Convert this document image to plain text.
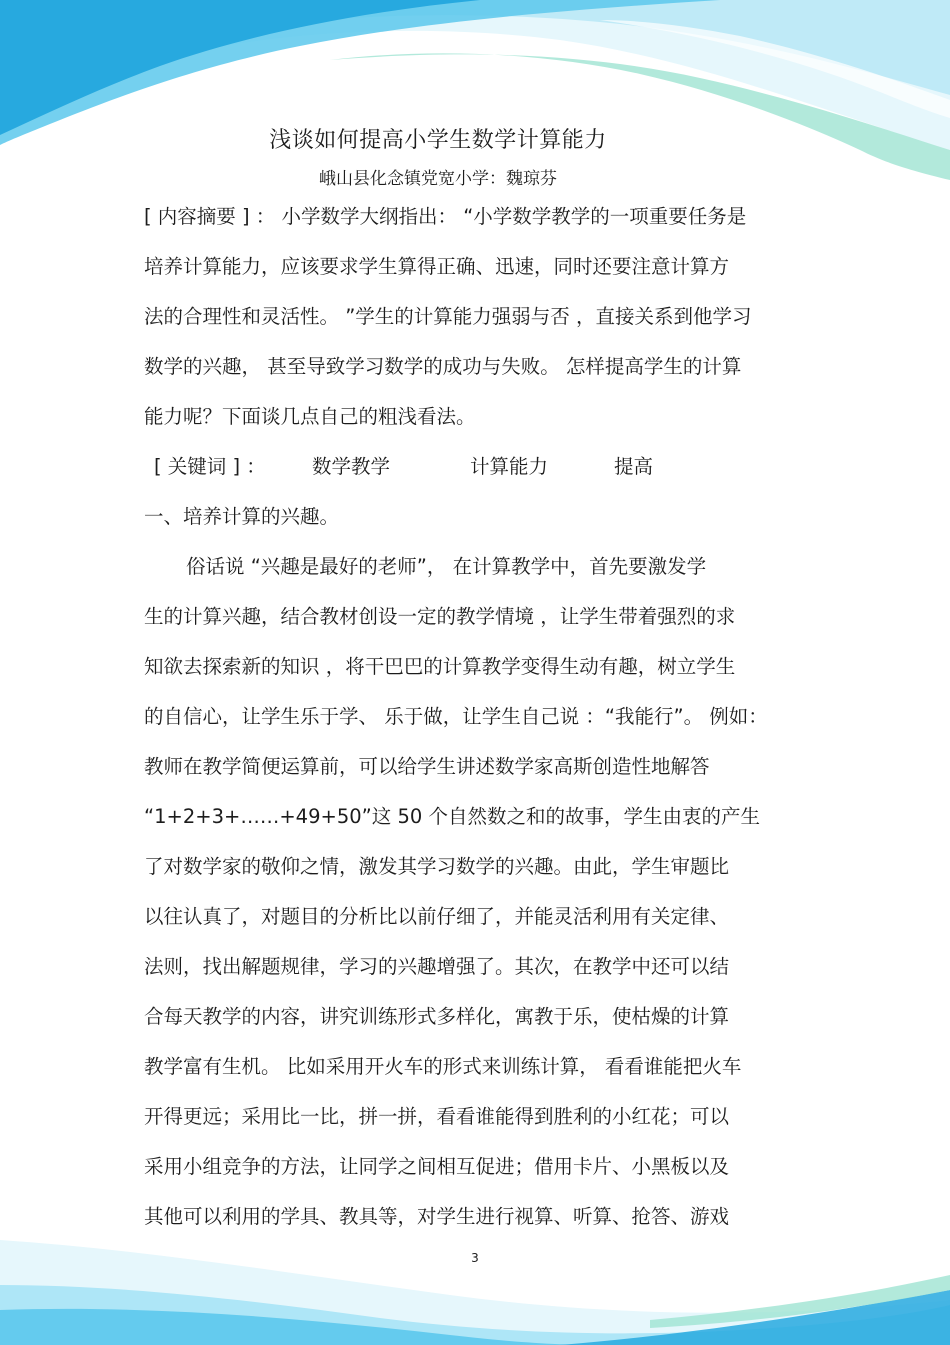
浅谈如何提高小学生数学计算能力
峨山县化念镇党宽小学：魏琼芬
[ 内容摘要 ] ： 小学数学大纲指出： “小学数学教学的一项重要任务是
培养计算能力，应该要求学生算得正确、迅速，同时还要注意计算方
法的合理性和灵活性。 ”学生的计算能力强弱与否 ，直接关系到他学习
数学的兴趣， 甚至导致学习数学的成功与失败。 怎样提高学生的计算
能力呢？下面谈几点自己的粗浅看法。
[ 关键词 ] ： 数学教学	计算能力	提高
一、培养计算的兴趣。
俗话说 “兴趣是最好的老师”， 在计算教学中，首先要激发学
生的计算兴趣，结合教材创设一定的教学情境 ，让学生带着强烈的求
知欲去探索新的知识 ，将干巴巴的计算教学变得生动有趣，树立学生
的自信心，让学生乐于学、 乐于做，让学生自己说 ：“我能行”。 例如：
教师在教学简便运算前，可以给学生讲述数学家高斯创造性地解答
“1+2+3+……+49+50”这 50 个自然数之和的故事，学生由衷的产生
了对数学家的敬仰之情，激发其学习数学的兴趣。由此，学生审题比
以往认真了，对题目的分析比以前仔细了，并能灵活利用有关定律、
法则，找出解题规律，学习的兴趣增强了。其次，在教学中还可以结
合每天教学的内容，讲究训练形式多样化，寓教于乐，使枯燥的计算
教学富有生机。 比如采用开火车的形式来训练计算， 看看谁能把火车
开得更远；采用比一比，拼一拼，看看谁能得到胜利的小红花；可以
采用小组竞争的方法，让同学之间相互促进；借用卡片、小黑板以及
其他可以利用的学具、教具等，对学生进行视算、听算、抢答、游戏
3
